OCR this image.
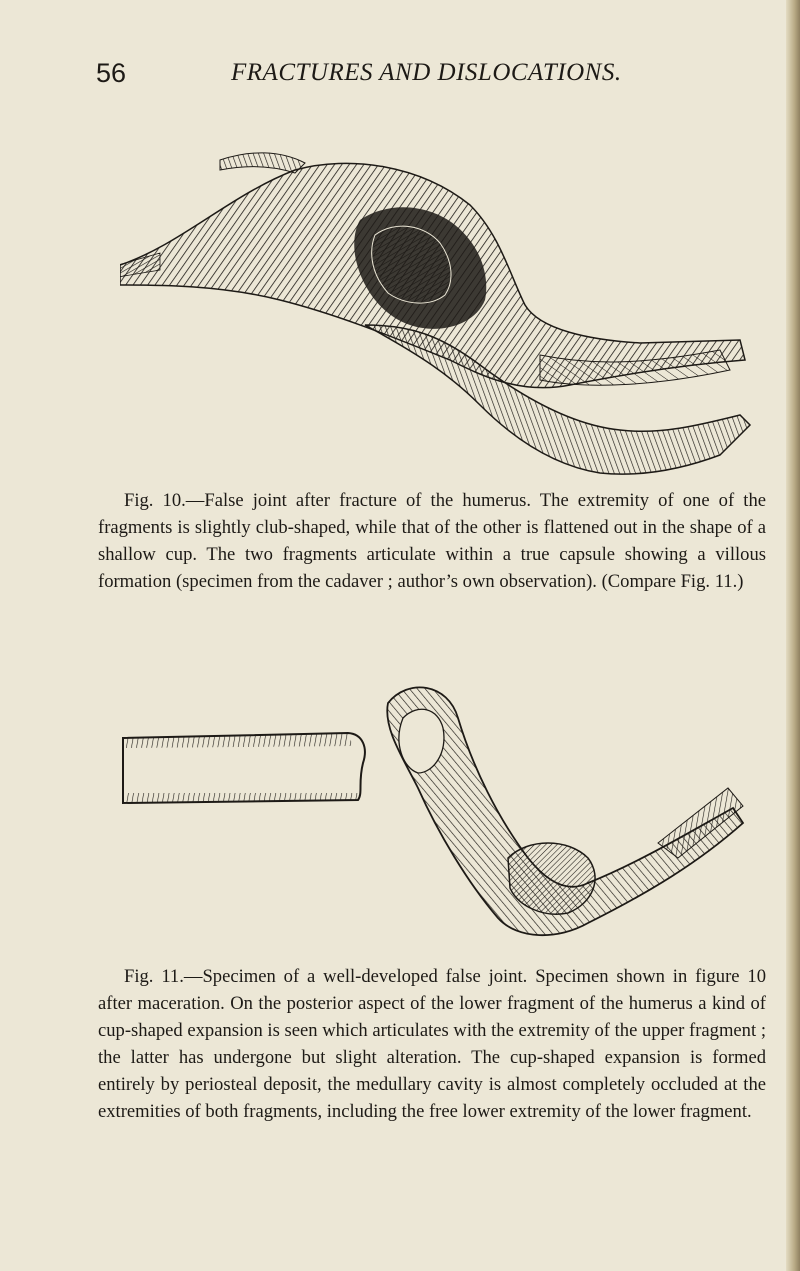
56	FRACTURES AND DISLOCATIONS.
Fig. 10.—False joint after fracture of the humerus. The extremity of one of the fragments is slightly club-shaped, while that of the other is flattened out in the shape of a shallow cup. The two fragments articulate within a true capsule showing a villous formation (specimen from the cadaver ; author’s own observation). (Compare Fig. 11.)
Fig. 11.—Specimen of a well-developed false joint. Specimen shown in figure 10 after maceration. On the posterior aspect of the lower fragment of the humerus a kind of cup-shaped expansion is seen which articulates with the extremity of the upper fragment ; the latter has undergone but slight alteration. The cup-shaped expansion is formed entirely by periosteal deposit, the medullary cavity is almost completely occluded at the extremities of both fragments, including the free lower extremity of the lower fragment.
